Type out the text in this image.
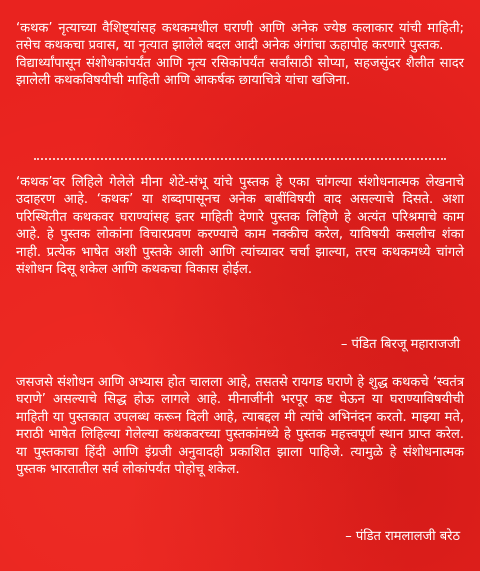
‘कथक’ नृत्याच्या वैशिष्ट्यांसह कथकमधील घराणी आणि अनेक ज्येष्ठ कलाकार यांची माहिती; तसेच कथकचा प्रवास, या नृत्यात झालेले बदल आदी अनेक अंगांचा ऊहापोह करणारे पुस्तक.

विद्यार्थ्यांपासून संशोधकांपर्यंत आणि नृत्य रसिकांपर्यंत सर्वांसाठी सोप्या, सहजसुंदर शैलीत सादर झालेली कथकविषयीची माहिती आणि आकर्षक छायाचित्रे यांचा खजिना.

‘कथक’वर लिहिले गेलेले मीना शेटे-संभू यांचे पुस्तक हे एका चांगल्या संशोधनात्मक लेखनाचे उदाहरण आहे. ‘कथक’ या शब्दापासूनच अनेक बाबींविषयी वाद असल्याचे दिसते. अशा परिस्थितीत कथकवर घराण्यांसह इतर माहिती देणारे पुस्तक लिहिणे हे अत्यंत परिश्रमाचे काम आहे. हे पुस्तक लोकांना विचारप्रवण करण्याचे काम नक्कीच करेल, याविषयी कसलीच शंका नाही. प्रत्येक भाषेत अशी पुस्तके आली आणि त्यांच्यावर चर्चा झाल्या, तरच कथकमध्ये चांगले संशोधन दिसू शकेल आणि कथकचा विकास होईल.

– पंडित बिरजू महाराजजी

जसजसे संशोधन आणि अभ्यास होत चालला आहे, तसतसे रायगड घराणे हे शुद्ध कथकचे ‘स्वतंत्र घराणे’ असल्याचे सिद्ध होऊ लागले आहे. मीनाजींनी भरपूर कष्ट घेऊन या घराण्याविषयीची माहिती या पुस्तकात उपलब्ध करून दिली आहे, त्याबद्दल मी त्यांचे अभिनंदन करतो. माझ्या मते, मराठी भाषेत लिहिल्या गेलेल्या कथकवरच्या पुस्तकांमध्ये हे पुस्तक महत्त्वपूर्ण स्थान प्राप्त करेल. या पुस्तकाचा हिंदी आणि इंग्रजी अनुवादही प्रकाशित झाला पाहिजे. त्यामुळे हे संशोधनात्मक पुस्तक भारतातील सर्व लोकांपर्यंत पोहोचू शकेल.

– पंडित रामलालजी बरेठ
